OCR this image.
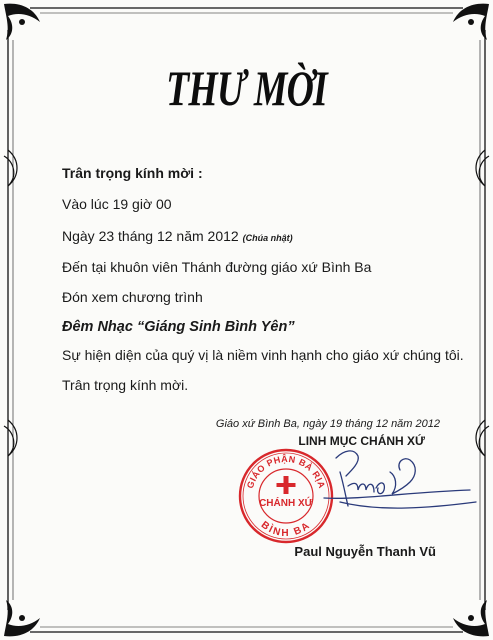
THƯ MỜI
Trân trọng kính mời :
Vào lúc 19 giờ 00
Ngày 23 tháng 12 năm 2012 (Chúa nhật)
Đến tại khuôn viên Thánh đường giáo xứ Bình Ba
Đón xem chương trình
Đêm Nhạc “Giáng Sinh Bình Yên”
Sự hiện diện của quý vị là niềm vinh hạnh cho giáo xứ chúng tôi.
Trân trọng kính mời.
Giáo xứ Bình Ba, ngày 19 tháng 12 năm 2012
LINH MỤC CHÁNH XỨ
GIÁO PHẬN BÀ RỊA
BÌNH BA
CHÁNH XỨ
Paul Nguyễn Thanh Vũ
